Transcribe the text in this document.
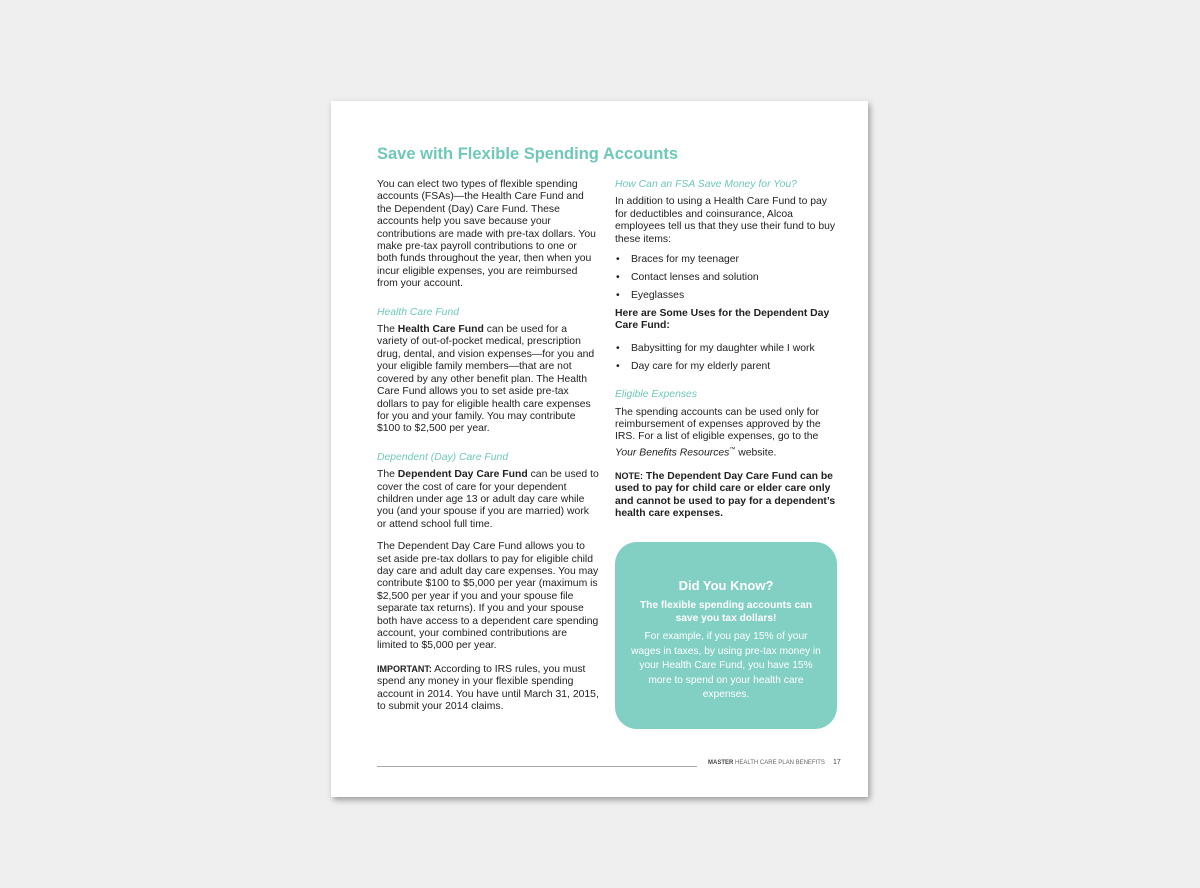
Save with Flexible Spending Accounts

You can elect two types of flexible spending accounts (FSAs)—the Health Care Fund and the Dependent (Day) Care Fund. These accounts help you save because your contributions are made with pre-tax dollars. You make pre-tax payroll contributions to one or both funds throughout the year, then when you incur eligible expenses, you are reimbursed from your account.

Health Care Fund

The Health Care Fund can be used for a variety of out-of-pocket medical, prescription drug, dental, and vision expenses—for you and your eligible family members—that are not covered by any other benefit plan. The Health Care Fund allows you to set aside pre-tax dollars to pay for eligible health care expenses for you and your family. You may contribute $100 to $2,500 per year.

Dependent (Day) Care Fund

The Dependent Day Care Fund can be used to cover the cost of care for your dependent children under age 13 or adult day care while you (and your spouse if you are married) work or attend school full time.

The Dependent Day Care Fund allows you to set aside pre-tax dollars to pay for eligible child day care and adult day care expenses. You may contribute $100 to $5,000 per year (maximum is $2,500 per year if you and your spouse file separate tax returns). If you and your spouse both have access to a dependent care spending account, your combined contributions are limited to $5,000 per year.

IMPORTANT: According to IRS rules, you must spend any money in your flexible spending account in 2014. You have until March 31, 2015, to submit your 2014 claims.

How Can an FSA Save Money for You?

In addition to using a Health Care Fund to pay for deductibles and coinsurance, Alcoa employees tell us that they use their fund to buy these items:

• Braces for my teenager
• Contact lenses and solution
• Eyeglasses

Here are Some Uses for the Dependent Day Care Fund:

• Babysitting for my daughter while I work
• Day care for my elderly parent
Eligible Expenses

The spending accounts can be used only for reimbursement of expenses approved by the IRS. For a list of eligible expenses, go to the Your Benefits Resources™ website.

NOTE: The Dependent Day Care Fund can be used to pay for child care or elder care only and cannot be used to pay for a dependent’s health care expenses.

Did You Know?
The flexible spending accounts can save you tax dollars!
For example, if you pay 15% of your wages in taxes, by using pre-tax money in your Health Care Fund, you have 15% more to spend on your health care expenses.
MASTER HEALTH CARE PLAN BENEFITS 17
